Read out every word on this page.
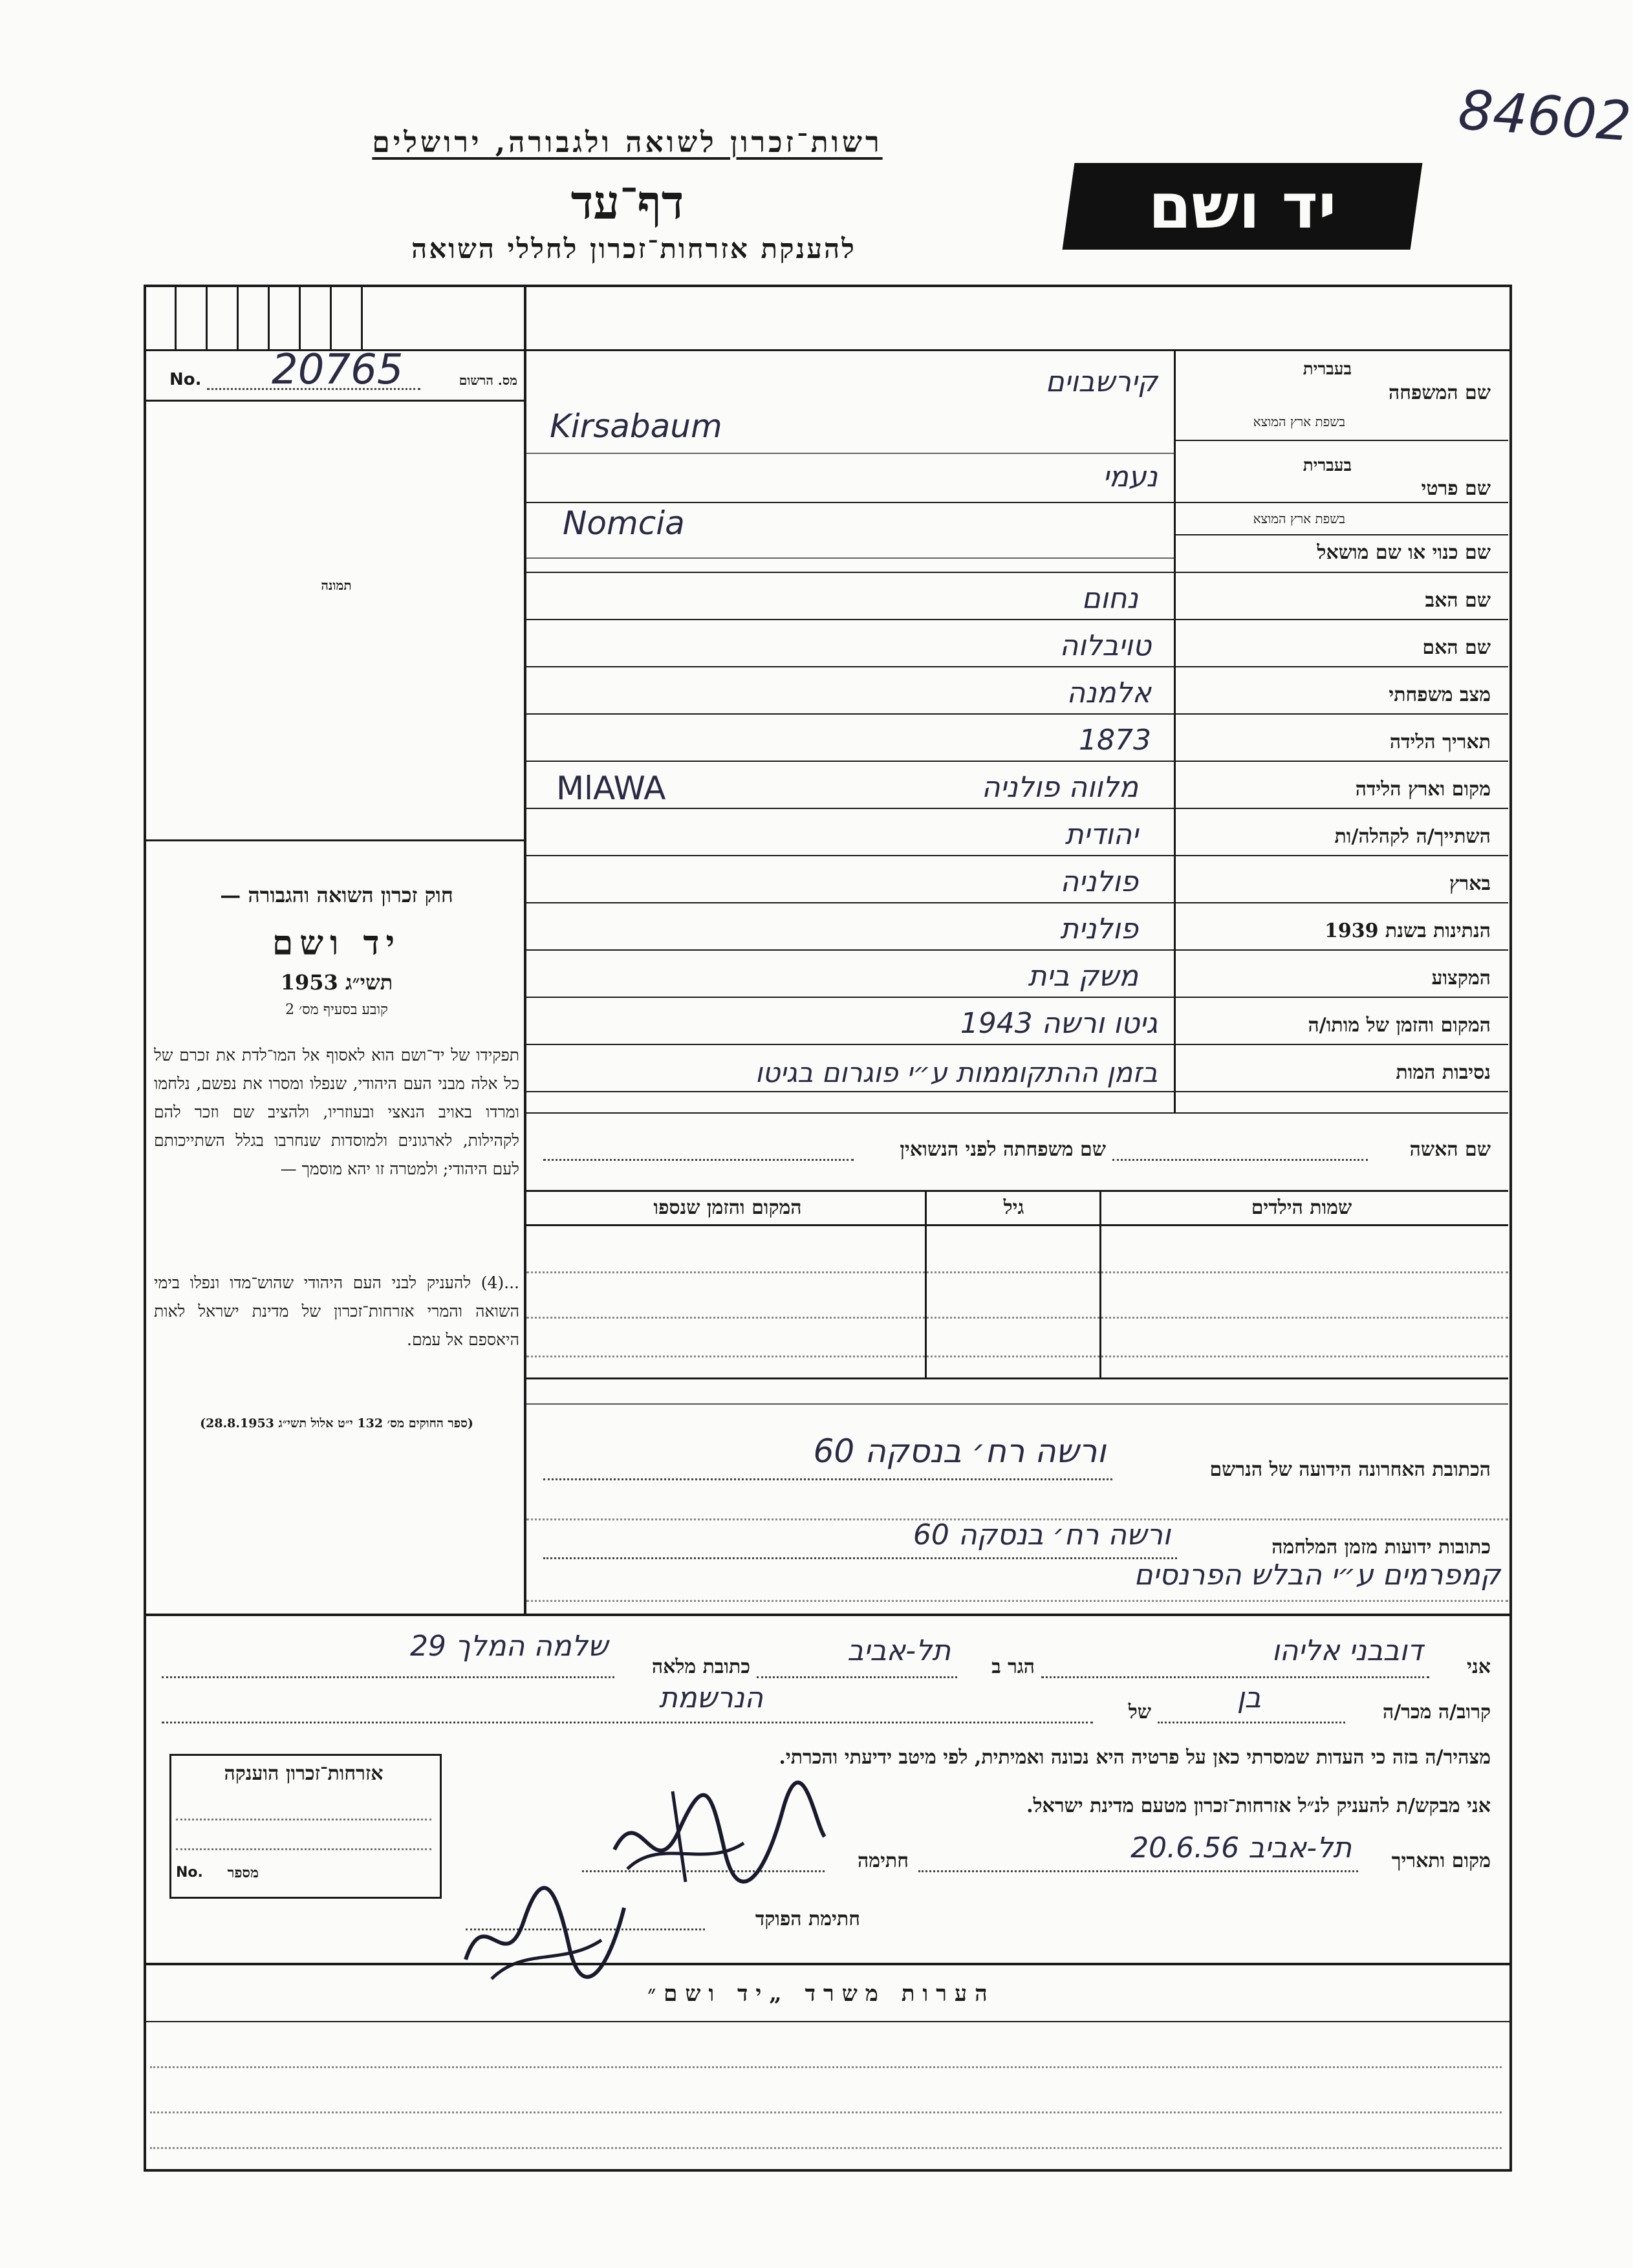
84602
רשות־זכרון לשואה ולגבורה, ירושלים
דף־עד
להענקת אזרחות־זכרון לחללי השואה
יד ושם
No. 20765	מס. הרשום
תמונה
שם המשפחה
בעברית
בשפת ארץ המוצא
קירשבוים
Kirsabaum
שם פרטי
בעברית
בשפת ארץ המוצא
נעמי
Nomcia
שם כנוי או שם מושאל
שם האב
נחום
שם האם
טויבלוה
מצב משפחתי
אלמנה
תאריך הלידה
1873
מקום וארץ הלידה
מלווה פולניה
MlAWA
השתייך/ה לקהלה/ות
יהודית
בארץ
פולניה
הנתינות בשנת 1939
פולנית
המקצוע
משק בית
המקום והזמן של מותו/ה
גיטו ורשה 1943
נסיבות המות
בזמן ההתקוממות ע״י פוגרום בגיטו
שם האשה
שם משפחתה לפני הנשואין
שמות הילדים
גיל
המקום והזמן שנספו
חוק זכרון השואה והגבורה —
יד ושם
תשי״ג 1953
קובע בסעיף מס׳ 2
תפקידו של יד־ושם הוא לאסוף אל המו־לדת את זכרם של כל אלה מבני העם היהודי, שנפלו ומסרו את נפשם, נלחמו ומרדו באויב הנאצי ובעוזריו, ולהציב שם וזכר להם לקהילות, לארגונים ולמוסדות שנחרבו בגלל השתייכותם לעם היהודי; ולמטרה זו יהא מוסמך —
...(4) להעניק לבני העם היהודי שהוש־מדו ונפלו בימי השואה והמרי אזרחות־זכרון של מדינת ישראל לאות היאספם אל עמם.
(ספר החוקים מס׳ 132 י״ט אלול תשי״ג 28.8.1953)
הכתובת האחרונה הידועה של הנרשם
ורשה רח׳ בנסקה 60
כתובות ידועות מזמן המלחמה
ורשה רח׳ בנסקה 60
קמפרמים ע״י הבלש הפרנסים
אני
דובבני אליהו
הגר ב
תל-אביב
כתובת מלאה
שלמה המלך 29
קרוב/ה מכר/ה
בן
של
הנרשמת
מצהיר/ה בזה כי העדות שמסרתי כאן על פרטיה היא נכונה ואמיתית, לפי מיטב ידיעתי והכרתי.
אני מבקש/ת להעניק לנ״ל אזרחות־זכרון מטעם מדינת ישראל.
מקום ותאריך
תל-אביב 20.6.56
חתימה
חתימת הפוקד
אזרחות־זכרון הוענקה
No.	מספר
הערות משרד „יד ושם״
